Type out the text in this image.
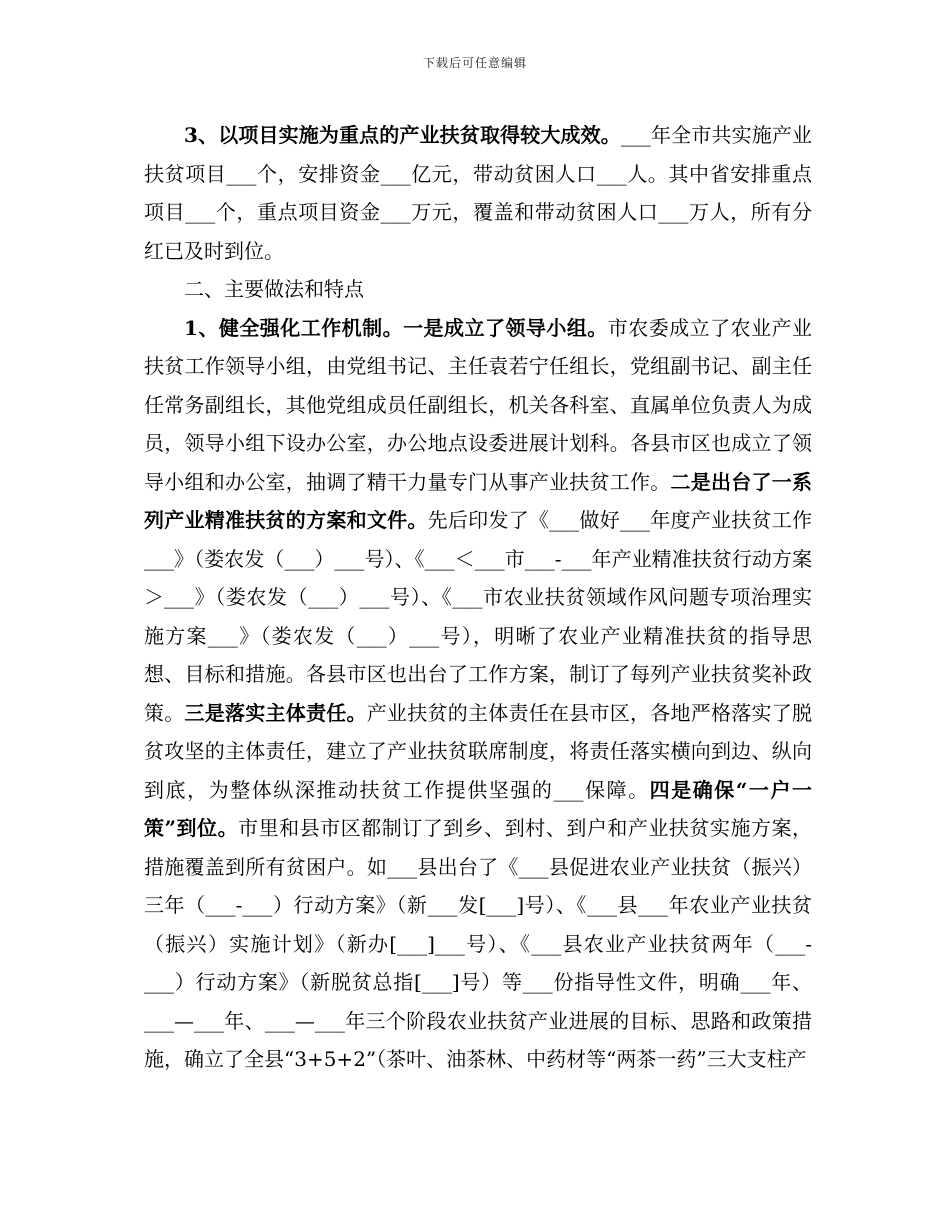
下载后可任意编辑

3、以项目实施为重点的产业扶贫取得较大成效。___年全市共实施产业扶贫项目___个，安排资金___亿元，带动贫困人口___人。其中省安排重点项目___个，重点项目资金___万元，覆盖和带动贫困人口___万人，所有分红已及时到位。

二、主要做法和特点

1、健全强化工作机制。一是成立了领导小组。市农委成立了农业产业扶贫工作领导小组，由党组书记、主任袁若宁任组长，党组副书记、副主任任常务副组长，其他党组成员任副组长，机关各科室、直属单位负责人为成员，领导小组下设办公室，办公地点设委进展计划科。各县市区也成立了领导小组和办公室，抽调了精干力量专门从事产业扶贫工作。二是出台了一系列产业精准扶贫的方案和文件。先后印发了《___做好___年度产业扶贫工作___》（娄农发（___）___号）、《___＜___市___-___年产业精准扶贫行动方案＞___》（娄农发（___）___号）、《___市农业扶贫领域作风问题专项治理实施方案___》（娄农发（___）___号），明晰了农业产业精准扶贫的指导思想、目标和措施。各县市区也出台了工作方案，制订了每列产业扶贫奖补政策。三是落实主体责任。产业扶贫的主体责任在县市区，各地严格落实了脱贫攻坚的主体责任，建立了产业扶贫联席制度，将责任落实横向到边、纵向到底，为整体纵深推动扶贫工作提供坚强的___保障。四是确保“一户一策”到位。市里和县市区都制订了到乡、到村、到户和产业扶贫实施方案，措施覆盖到所有贫困户。如___县出台了《___县促进农业产业扶贫（振兴）三年（___-___）行动方案》（新___发[___]号）、《___县___年农业产业扶贫（振兴）实施计划》（新办[___]___号）、《___县农业产业扶贫两年（___-___）行动方案》（新脱贫总指[___]号）等___份指导性文件，明确___年、___—___年、___—___年三个阶段农业扶贫产业进展的目标、思路和政策措施，确立了全县“3+5+2”（茶叶、油茶林、中药材等“两茶一药”三大支柱产
